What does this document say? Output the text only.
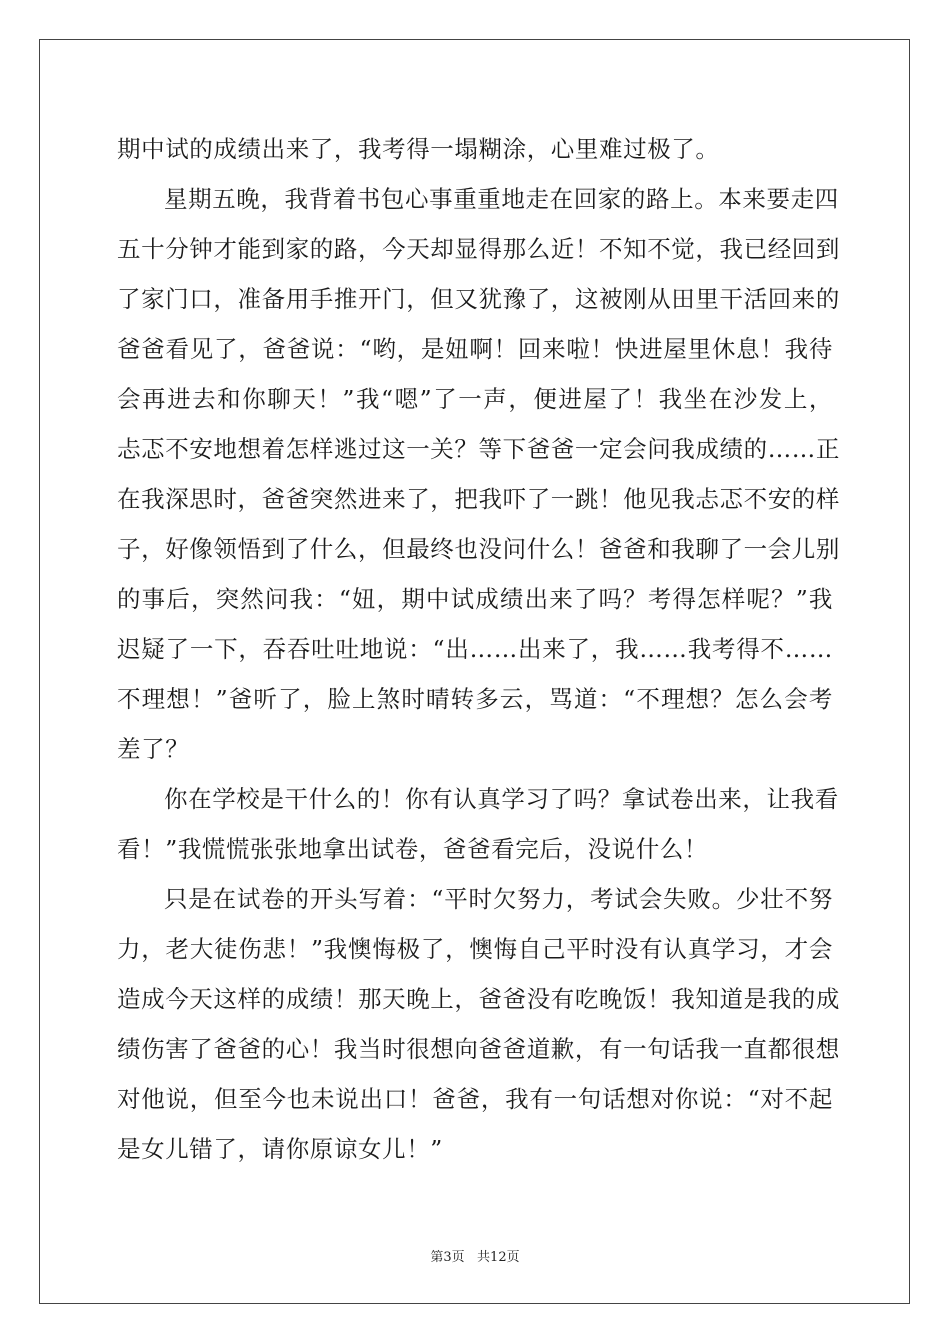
期中试的成绩出来了，我考得一塌糊涂，心里难过极了。
星期五晚，我背着书包心事重重地走在回家的路上。本来要走四
五十分钟才能到家的路，今天却显得那么近！不知不觉，我已经回到
了家门口，准备用手推开门，但又犹豫了，这被刚从田里干活回来的
爸爸看见了，爸爸说：“哟，是妞啊！回来啦！快进屋里休息！我待
会再进去和你聊天！”我“嗯”了一声，便进屋了！我坐在沙发上，
忐忑不安地想着怎样逃过这一关？等下爸爸一定会问我成绩的……正
在我深思时，爸爸突然进来了，把我吓了一跳！他见我忐忑不安的样
子，好像领悟到了什么，但最终也没问什么！爸爸和我聊了一会儿别
的事后，突然问我：“妞，期中试成绩出来了吗？考得怎样呢？”我
迟疑了一下，吞吞吐吐地说：“出……出来了，我……我考得不……
不理想！”爸听了，脸上煞时晴转多云，骂道：“不理想？怎么会考
差了？
你在学校是干什么的！你有认真学习了吗？拿试卷出来，让我看
看！”我慌慌张张地拿出试卷，爸爸看完后，没说什么！
只是在试卷的开头写着：“平时欠努力，考试会失败。少壮不努
力，老大徒伤悲！”我懊悔极了，懊悔自己平时没有认真学习，才会
造成今天这样的成绩！那天晚上，爸爸没有吃晚饭！我知道是我的成
绩伤害了爸爸的心！我当时很想向爸爸道歉，有一句话我一直都很想
对他说，但至今也未说出口！爸爸，我有一句话想对你说：“对不起
是女儿错了，请你原谅女儿！”
第3页   共12页
